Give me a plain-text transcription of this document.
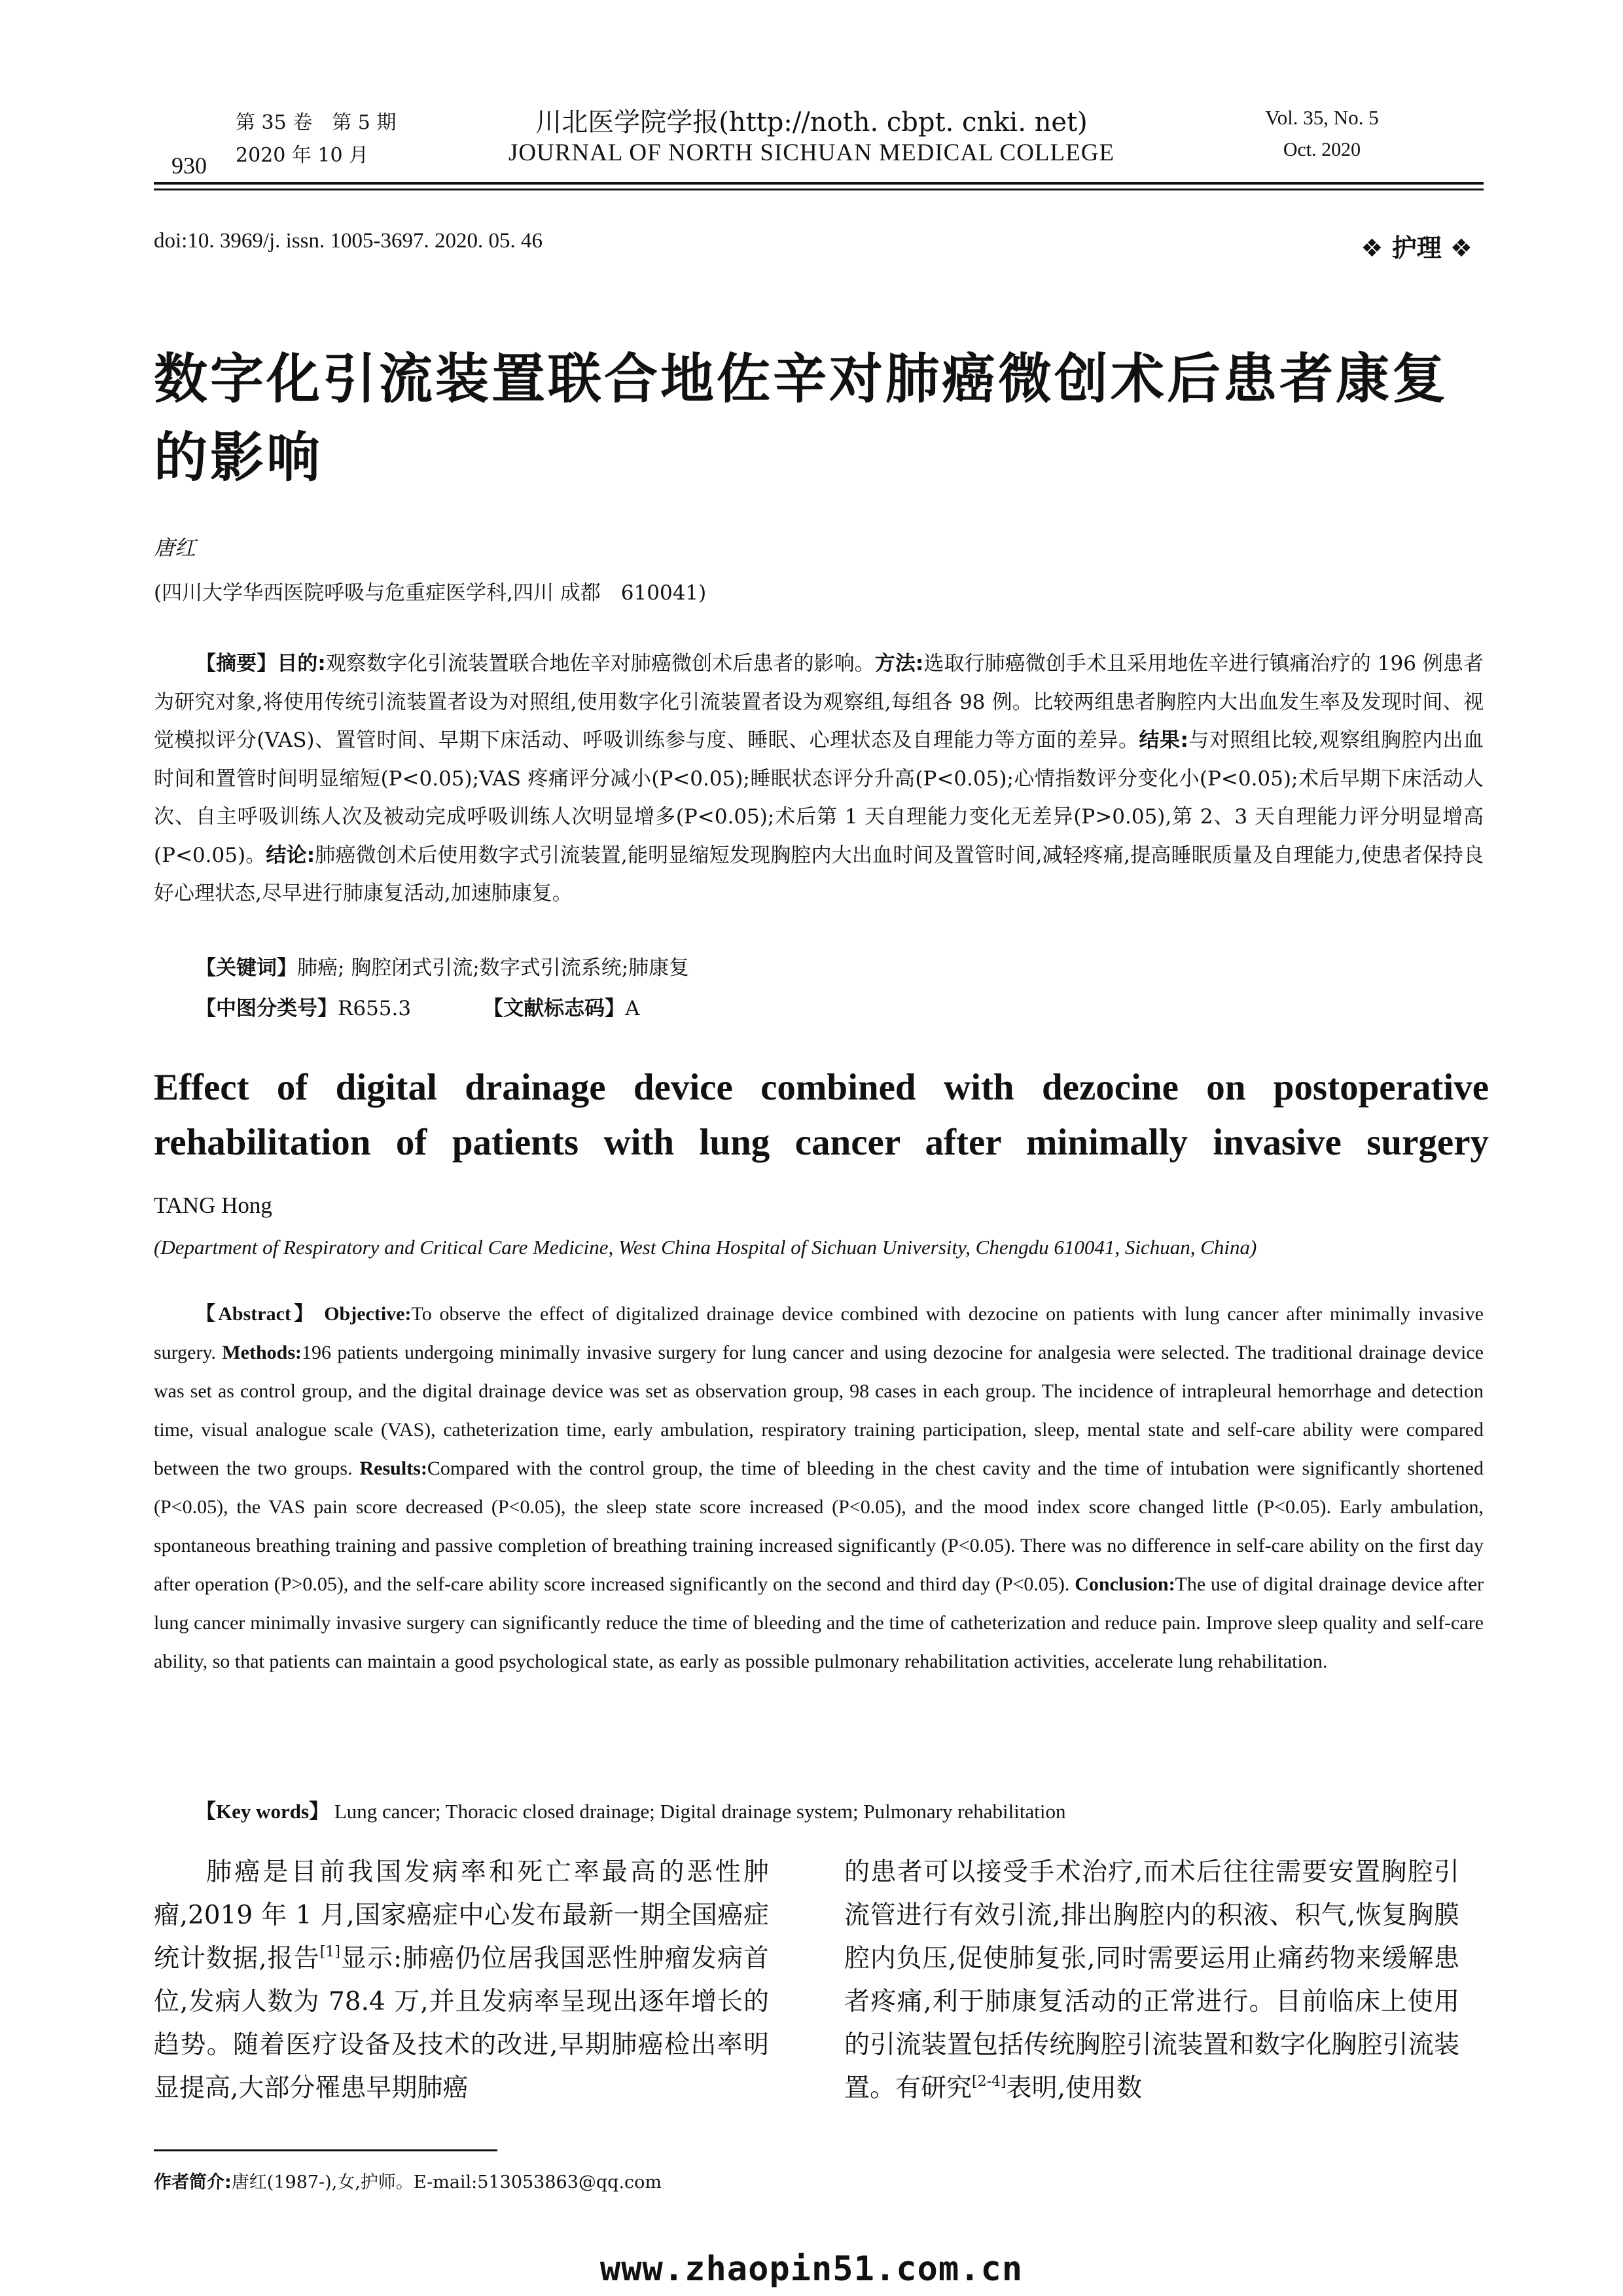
第 35 卷　第 5 期
2020 年 10 月
930
川北医学院学报(http://noth. cbpt. cnki. net)
JOURNAL OF NORTH SICHUAN MEDICAL COLLEGE
Vol. 35, No. 5
Oct. 2020
doi:10. 3969/j. issn. 1005-3697. 2020. 05. 46	❖ 护理 ❖
数字化引流装置联合地佐辛对肺癌微创术后患者康复的影响
唐红
(四川大学华西医院呼吸与危重症医学科,四川 成都　610041)
【摘要】目的:观察数字化引流装置联合地佐辛对肺癌微创术后患者的影响。方法:选取行肺癌微创手术且采用地佐辛进行镇痛治疗的 196 例患者为研究对象,将使用传统引流装置者设为对照组,使用数字化引流装置者设为观察组,每组各 98 例。比较两组患者胸腔内大出血发生率及发现时间、视觉模拟评分(VAS)、置管时间、早期下床活动、呼吸训练参与度、睡眠、心理状态及自理能力等方面的差异。结果:与对照组比较,观察组胸腔内出血时间和置管时间明显缩短(P<0.05);VAS 疼痛评分减小(P<0.05);睡眠状态评分升高(P<0.05);心情指数评分变化小(P<0.05);术后早期下床活动人次、自主呼吸训练人次及被动完成呼吸训练人次明显增多(P<0.05);术后第 1 天自理能力变化无差异(P>0.05),第 2、3 天自理能力评分明显增高(P<0.05)。结论:肺癌微创术后使用数字式引流装置,能明显缩短发现胸腔内大出血时间及置管时间,减轻疼痛,提高睡眠质量及自理能力,使患者保持良好心理状态,尽早进行肺康复活动,加速肺康复。
【关键词】肺癌; 胸腔闭式引流;数字式引流系统;肺康复
【中图分类号】R655.3	【文献标志码】A
Effect of digital drainage device combined with dezocine on postoperative
rehabilitation of patients with lung cancer after minimally invasive surgery
TANG Hong
(Department of Respiratory and Critical Care Medicine, West China Hospital of Sichuan University, Chengdu 610041, Sichuan, China)
【Abstract】 Objective:To observe the effect of digitalized drainage device combined with dezocine on patients with lung cancer after minimally invasive surgery. Methods:196 patients undergoing minimally invasive surgery for lung cancer and using dezocine for analgesia were selected. The traditional drainage device was set as control group, and the digital drainage device was set as observation group, 98 cases in each group. The incidence of intrapleural hemorrhage and detection time, visual analogue scale (VAS), catheterization time, early ambulation, respiratory training participation, sleep, mental state and self-care ability were compared between the two groups. Results:Compared with the control group, the time of bleeding in the chest cavity and the time of intubation were significantly shortened (P<0.05), the VAS pain score decreased (P<0.05), the sleep state score increased (P<0.05), and the mood index score changed little (P<0.05). Early ambulation, spontaneous breathing training and passive completion of breathing training increased significantly (P<0.05). There was no difference in self-care ability on the first day after operation (P>0.05), and the self-care ability score increased significantly on the second and third day (P<0.05). Conclusion:The use of digital drainage device after lung cancer minimally invasive surgery can significantly reduce the time of bleeding and the time of catheterization and reduce pain. Improve sleep quality and self-care ability, so that patients can maintain a good psychological state, as early as possible pulmonary rehabilitation activities, accelerate lung rehabilitation.
【Key words】 Lung cancer; Thoracic closed drainage; Digital drainage system; Pulmonary rehabilitation
肺癌是目前我国发病率和死亡率最高的恶性肿瘤,2019 年 1 月,国家癌症中心发布最新一期全国癌症统计数据,报告[1]显示:肺癌仍位居我国恶性肿瘤发病首位,发病人数为 78.4 万,并且发病率呈现出逐年增长的趋势。随着医疗设备及技术的改进,早期肺癌检出率明显提高,大部分罹患早期肺癌
的患者可以接受手术治疗,而术后往往需要安置胸腔引流管进行有效引流,排出胸腔内的积液、积气,恢复胸膜腔内负压,促使肺复张,同时需要运用止痛药物来缓解患者疼痛,利于肺康复活动的正常进行。目前临床上使用的引流装置包括传统胸腔引流装置和数字化胸腔引流装置。有研究[2-4]表明,使用数
作者简介:唐红(1987-),女,护师。E-mail:513053863@qq.com
www.zhaopin51.com.cn
